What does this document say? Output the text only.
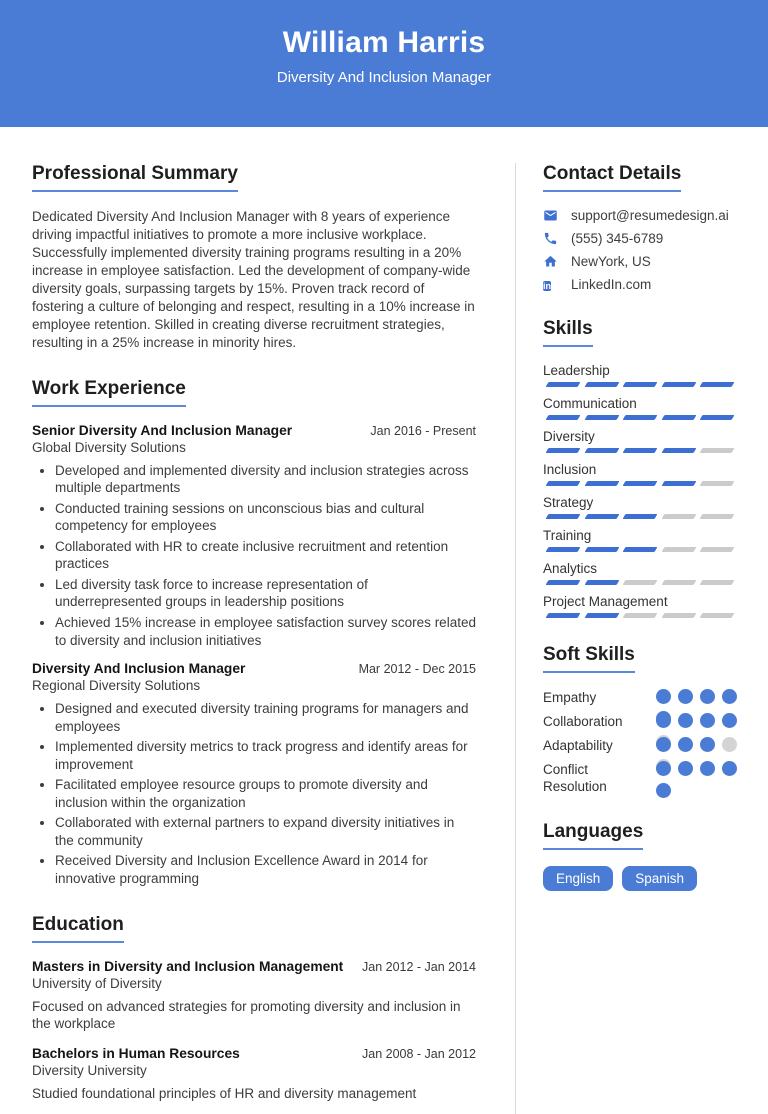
William Harris
Diversity And Inclusion Manager
Professional Summary

Dedicated Diversity And Inclusion Manager with 8 years of experience driving impactful initiatives to promote a more inclusive workplace. Successfully implemented diversity training programs resulting in a 20% increase in employee satisfaction. Led the development of company-wide diversity goals, surpassing targets by 15%. Proven track record of fostering a culture of belonging and respect, resulting in a 10% increase in employee retention. Skilled in creating diverse recruitment strategies, resulting in a 25% increase in minority hires.

Work Experience
Senior Diversity And Inclusion Manager	Jan 2016 - Present
Global Diversity Solutions
• Developed and implemented diversity and inclusion strategies across multiple departments
• Conducted training sessions on unconscious bias and cultural competency for employees
• Collaborated with HR to create inclusive recruitment and retention practices
• Led diversity task force to increase representation of underrepresented groups in leadership positions
• Achieved 15% increase in employee satisfaction survey scores related to diversity and inclusion initiatives
Diversity And Inclusion Manager	Mar 2012 - Dec 2015
Regional Diversity Solutions
• Designed and executed diversity training programs for managers and employees
• Implemented diversity metrics to track progress and identify areas for improvement
• Facilitated employee resource groups to promote diversity and inclusion within the organization
• Collaborated with external partners to expand diversity initiatives in the community
• Received Diversity and Inclusion Excellence Award in 2014 for innovative programming
Education
Masters in Diversity and Inclusion Management	Jan 2012 - Jan 2014
University of Diversity
Focused on advanced strategies for promoting diversity and inclusion in the workplace
Bachelors in Human Resources	Jan 2008 - Jan 2012
Diversity University
Studied foundational principles of HR and diversity management
Contact Details
support@resumedesign.ai
(555) 345-6789
NewYork, US
in	LinkedIn.com
Skills
Leadership
Communication
Diversity
Inclusion
Strategy
Training
Analytics
Project Management
Soft Skills
Empathy
Collaboration
Adaptability
Conflict Resolution
Languages
English	Spanish
